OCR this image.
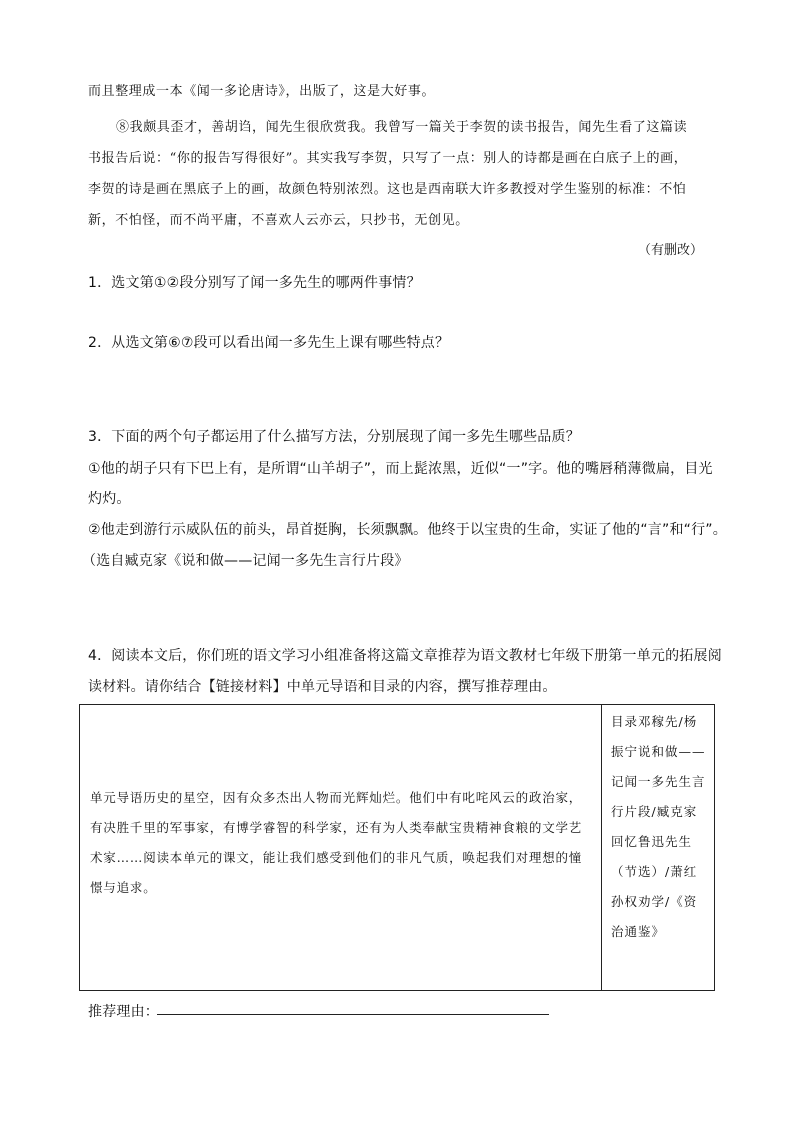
而且整理成一本《闻一多论唐诗》，出版了，这是大好事。
⑧我颇具歪才，善胡诌，闻先生很欣赏我。我曾写一篇关于李贺的读书报告，闻先生看了这篇读
书报告后说：“你的报告写得很好”。其实我写李贺，只写了一点：别人的诗都是画在白底子上的画，
李贺的诗是画在黑底子上的画，故颜色特别浓烈。这也是西南联大许多教授对学生鉴别的标准：不怕
新，不怕怪，而不尚平庸，不喜欢人云亦云，只抄书，无创见。
（有删改）
1．选文第①②段分别写了闻一多先生的哪两件事情？
2．从选文第⑥⑦段可以看出闻一多先生上课有哪些特点？
3．下面的两个句子都运用了什么描写方法，分别展现了闻一多先生哪些品质？
①他的胡子只有下巴上有，是所谓“山羊胡子”，而上髭浓黑，近似“一”字。他的嘴唇稍薄微扁，目光
灼灼。
②他走到游行示威队伍的前头，昂首挺胸，长须飘飘。他终于以宝贵的生命，实证了他的“言”和“行”。
（选自臧克家《说和做——记闻一多先生言行片段》
4．阅读本文后，你们班的语文学习小组准备将这篇文章推荐为语文教材七年级下册第一单元的拓展阅
读材料。请你结合【链接材料】中单元导语和目录的内容，撰写推荐理由。
单元导语历史的星空，因有众多杰出人物而光辉灿烂。他们中有叱咤风云的政治家，有决胜千里的军事家，有博学睿智的科学家，还有为人类奉献宝贵精神食粮的文学艺术家……阅读本单元的课文，能让我们感受到他们的非凡气质，唤起我们对理想的憧憬与追求。

目录邓稼先/杨振宁说和做——记闻一多先生言行片段/臧克家回忆鲁迅先生（节选）/萧红孙权劝学/《资治通鉴》
推荐理由：
